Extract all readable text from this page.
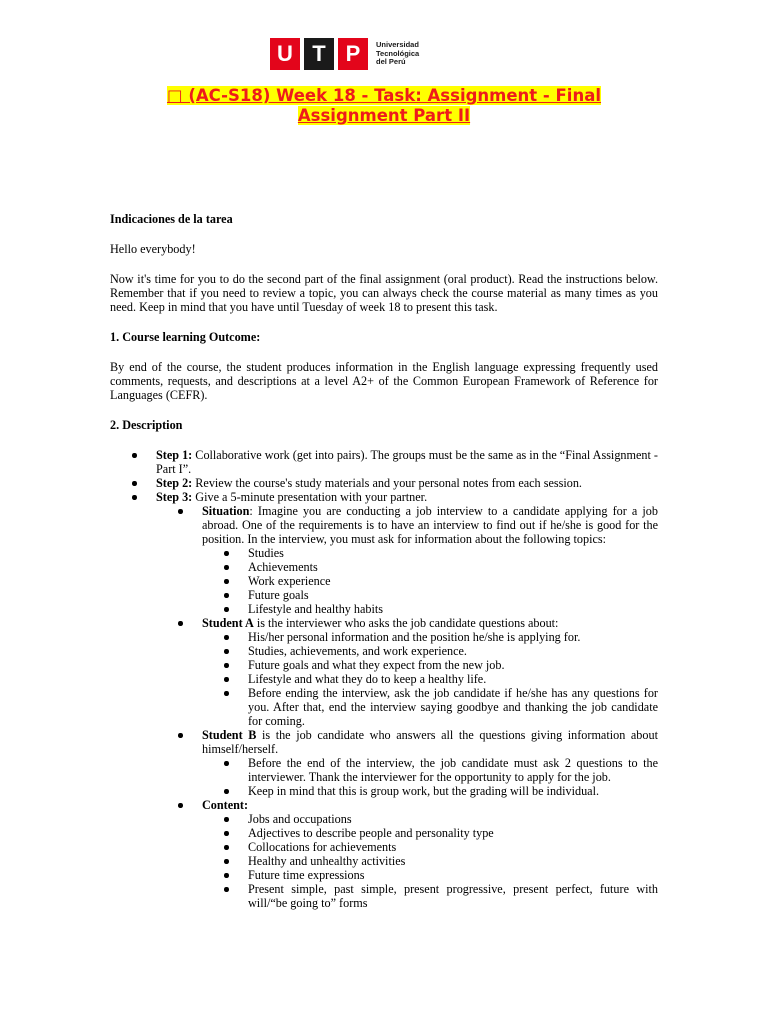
U T P	Universidad
Tecnológica
del Perú
□ (AC-S18) Week 18 - Task: Assignment - Final Assignment Part II

Indicaciones de la tarea

Hello everybody!

Now it's time for you to do the second part of the final assignment (oral product). Read the instructions below. Remember that if you need to review a topic, you can always check the course material as many times as you need. Keep in mind that you have until Tuesday of week 18 to present this task.

1. Course learning Outcome:

By end of the course, the student produces information in the English language expressing frequently used comments, requests, and descriptions at a level A2+ of the Common European Framework of Reference for Languages (CEFR).

2. Description

Step 1: Collaborative work (get into pairs). The groups must be the same as in the “Final Assignment - Part I”.
Step 2: Review the course's study materials and your personal notes from each session.
Step 3: Give a 5-minute presentation with your partner.
Situation: Imagine you are conducting a job interview to a candidate applying for a job abroad. One of the requirements is to have an interview to find out if he/she is good for the position. In the interview, you must ask for information about the following topics:
Studies
Achievements
Work experience
Future goals
Lifestyle and healthy habits
Student A is the interviewer who asks the job candidate questions about:
His/her personal information and the position he/she is applying for.
Studies, achievements, and work experience.
Future goals and what they expect from the new job.
Lifestyle and what they do to keep a healthy life.
Before ending the interview, ask the job candidate if he/she has any questions for you. After that, end the interview saying goodbye and thanking the job candidate for coming.
Student B is the job candidate who answers all the questions giving information about himself/herself.
Before the end of the interview, the job candidate must ask 2 questions to the interviewer. Thank the interviewer for the opportunity to apply for the job.
Keep in mind that this is group work, but the grading will be individual.
Content:
Jobs and occupations
Adjectives to describe people and personality type
Collocations for achievements
Healthy and unhealthy activities
Future time expressions
Present simple, past simple, present progressive, present perfect, future with will/“be going to” forms
